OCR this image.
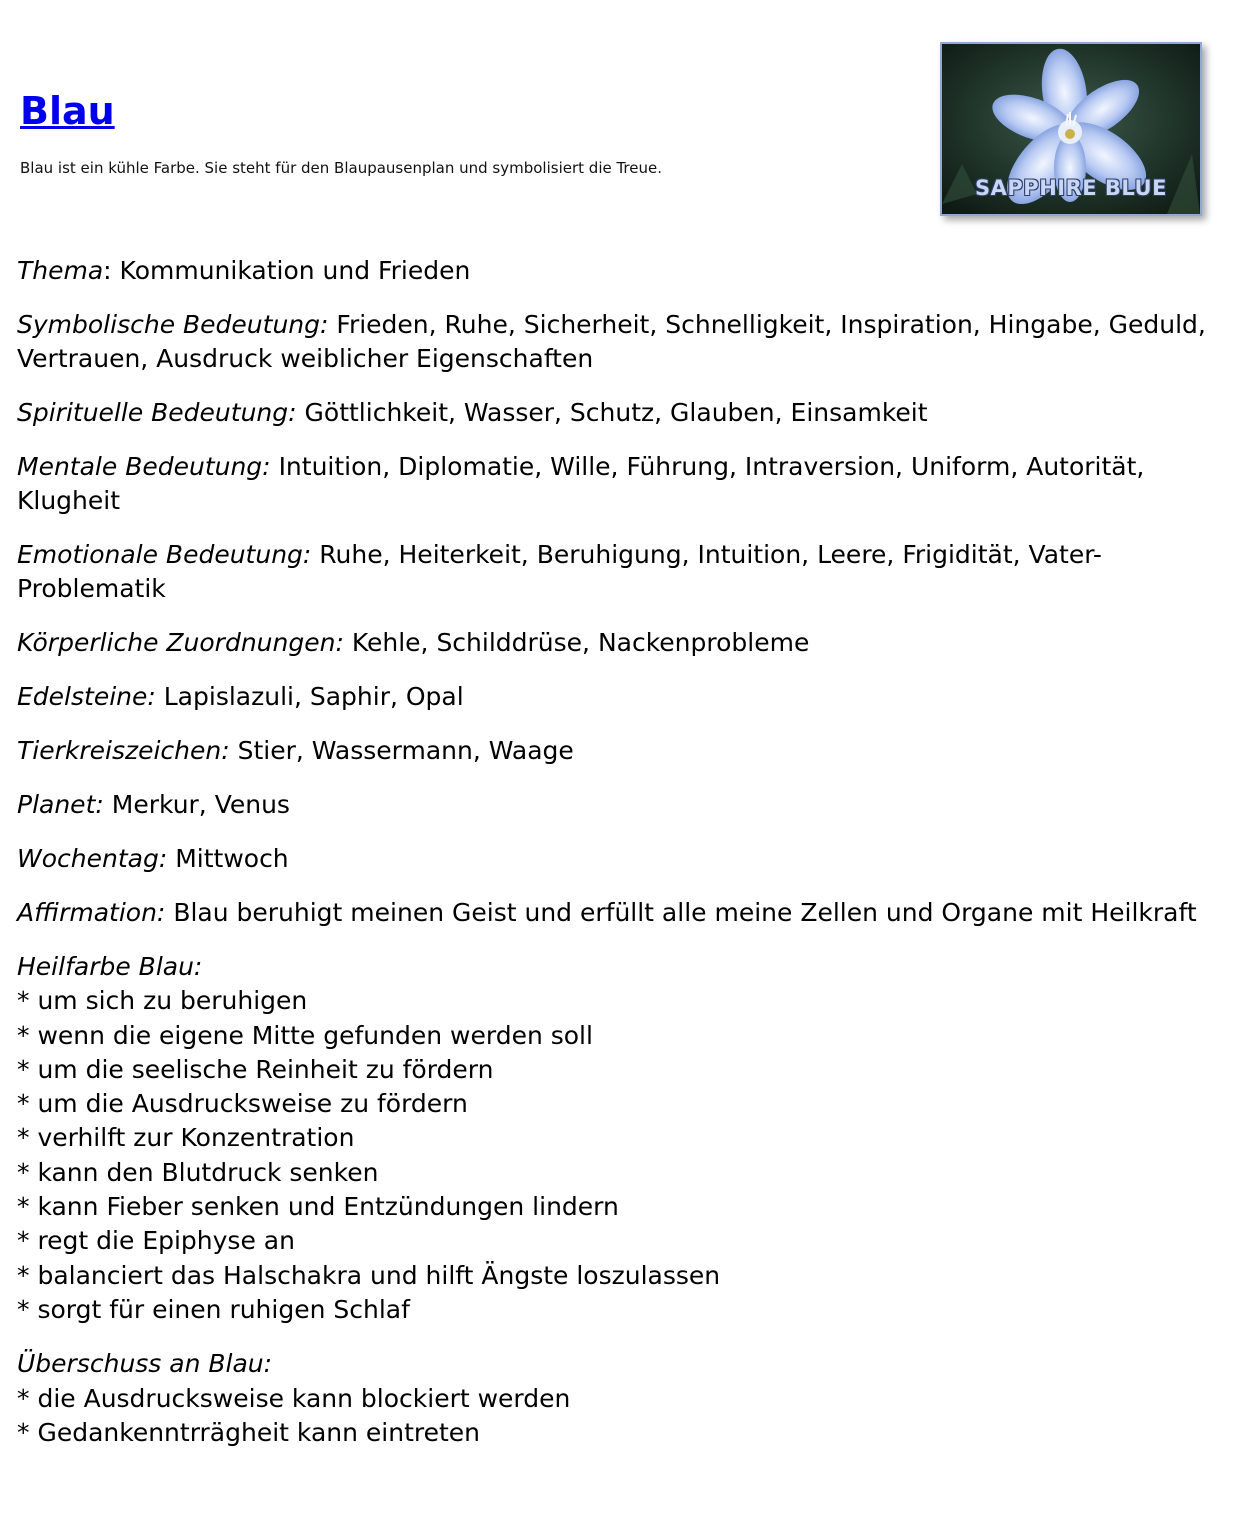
Blau

Blau ist ein kühle Farbe. Sie steht für den Blaupausenplan und symbolisiert die Treue.

SAPPHIRE BLUE

Thema: Kommunikation und Frieden

Symbolische Bedeutung: Frieden, Ruhe, Sicherheit, Schnelligkeit, Inspiration, Hingabe, Geduld, Vertrauen, Ausdruck weiblicher Eigenschaften

Spirituelle Bedeutung: Göttlichkeit, Wasser, Schutz, Glauben, Einsamkeit

Mentale Bedeutung: Intuition, Diplomatie, Wille, Führung, Intraversion, Uniform, Autorität, Klugheit

Emotionale Bedeutung: Ruhe, Heiterkeit, Beruhigung, Intuition, Leere, Frigidität, Vater-Problematik

Körperliche Zuordnungen: Kehle, Schilddrüse, Nackenprobleme

Edelsteine: Lapislazuli, Saphir, Opal

Tierkreiszeichen: Stier, Wassermann, Waage

Planet: Merkur, Venus

Wochentag: Mittwoch

Affirmation: Blau beruhigt meinen Geist und erfüllt alle meine Zellen und Organe mit Heilkraft

Heilfarbe Blau:
* um sich zu beruhigen
* wenn die eigene Mitte gefunden werden soll
* um die seelische Reinheit zu fördern
* um die Ausdrucksweise zu fördern
* verhilft zur Konzentration
* kann den Blutdruck senken
* kann Fieber senken und Entzündungen lindern
* regt die Epiphyse an
* balanciert das Halschakra und hilft Ängste loszulassen
* sorgt für einen ruhigen Schlaf
Überschuss an Blau:
* die Ausdrucksweise kann blockiert werden
* Gedankenntrrägheit kann eintreten
